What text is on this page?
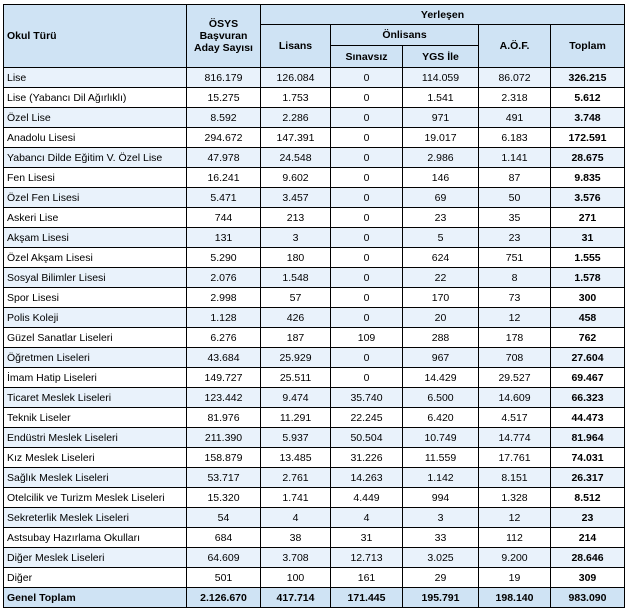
Okul Türü	ÖSYS
Başvuran
Aday Sayısı	Yerleşen				
		Lisans	Önlisans		A.Ö.F.	Toplam
			Sınavsız	YGS İle		
Lise	816.179	126.084	0	114.059	86.072	326.215
Lise (Yabancı Dil Ağırlıklı)	15.275	1.753	0	1.541	2.318	5.612
Özel Lise	8.592	2.286	0	971	491	3.748
Anadolu Lisesi	294.672	147.391	0	19.017	6.183	172.591
Yabancı Dilde Eğitim V. Özel Lise	47.978	24.548	0	2.986	1.141	28.675
Fen Lisesi	16.241	9.602	0	146	87	9.835
Özel Fen Lisesi	5.471	3.457	0	69	50	3.576
Askeri Lise	744	213	0	23	35	271
Akşam Lisesi	131	3	0	5	23	31
Özel Akşam Lisesi	5.290	180	0	624	751	1.555
Sosyal Bilimler Lisesi	2.076	1.548	0	22	8	1.578
Spor Lisesi	2.998	57	0	170	73	300
Polis Koleji	1.128	426	0	20	12	458
Güzel Sanatlar Liseleri	6.276	187	109	288	178	762
Öğretmen Liseleri	43.684	25.929	0	967	708	27.604
İmam Hatip Liseleri	149.727	25.511	0	14.429	29.527	69.467
Ticaret Meslek Liseleri	123.442	9.474	35.740	6.500	14.609	66.323
Teknik Liseler	81.976	11.291	22.245	6.420	4.517	44.473
Endüstri Meslek Liseleri	211.390	5.937	50.504	10.749	14.774	81.964
Kız Meslek Liseleri	158.879	13.485	31.226	11.559	17.761	74.031
Sağlık Meslek Liseleri	53.717	2.761	14.263	1.142	8.151	26.317
Otelcilik ve Turizm Meslek Liseleri	15.320	1.741	4.449	994	1.328	8.512
Sekreterlik Meslek Liseleri	54	4	4	3	12	23
Astsubay Hazırlama Okulları	684	38	31	33	112	214
Diğer Meslek Liseleri	64.609	3.708	12.713	3.025	9.200	28.646
Diğer	501	100	161	29	19	309
Genel Toplam	2.126.670	417.714	171.445	195.791	198.140	983.090
